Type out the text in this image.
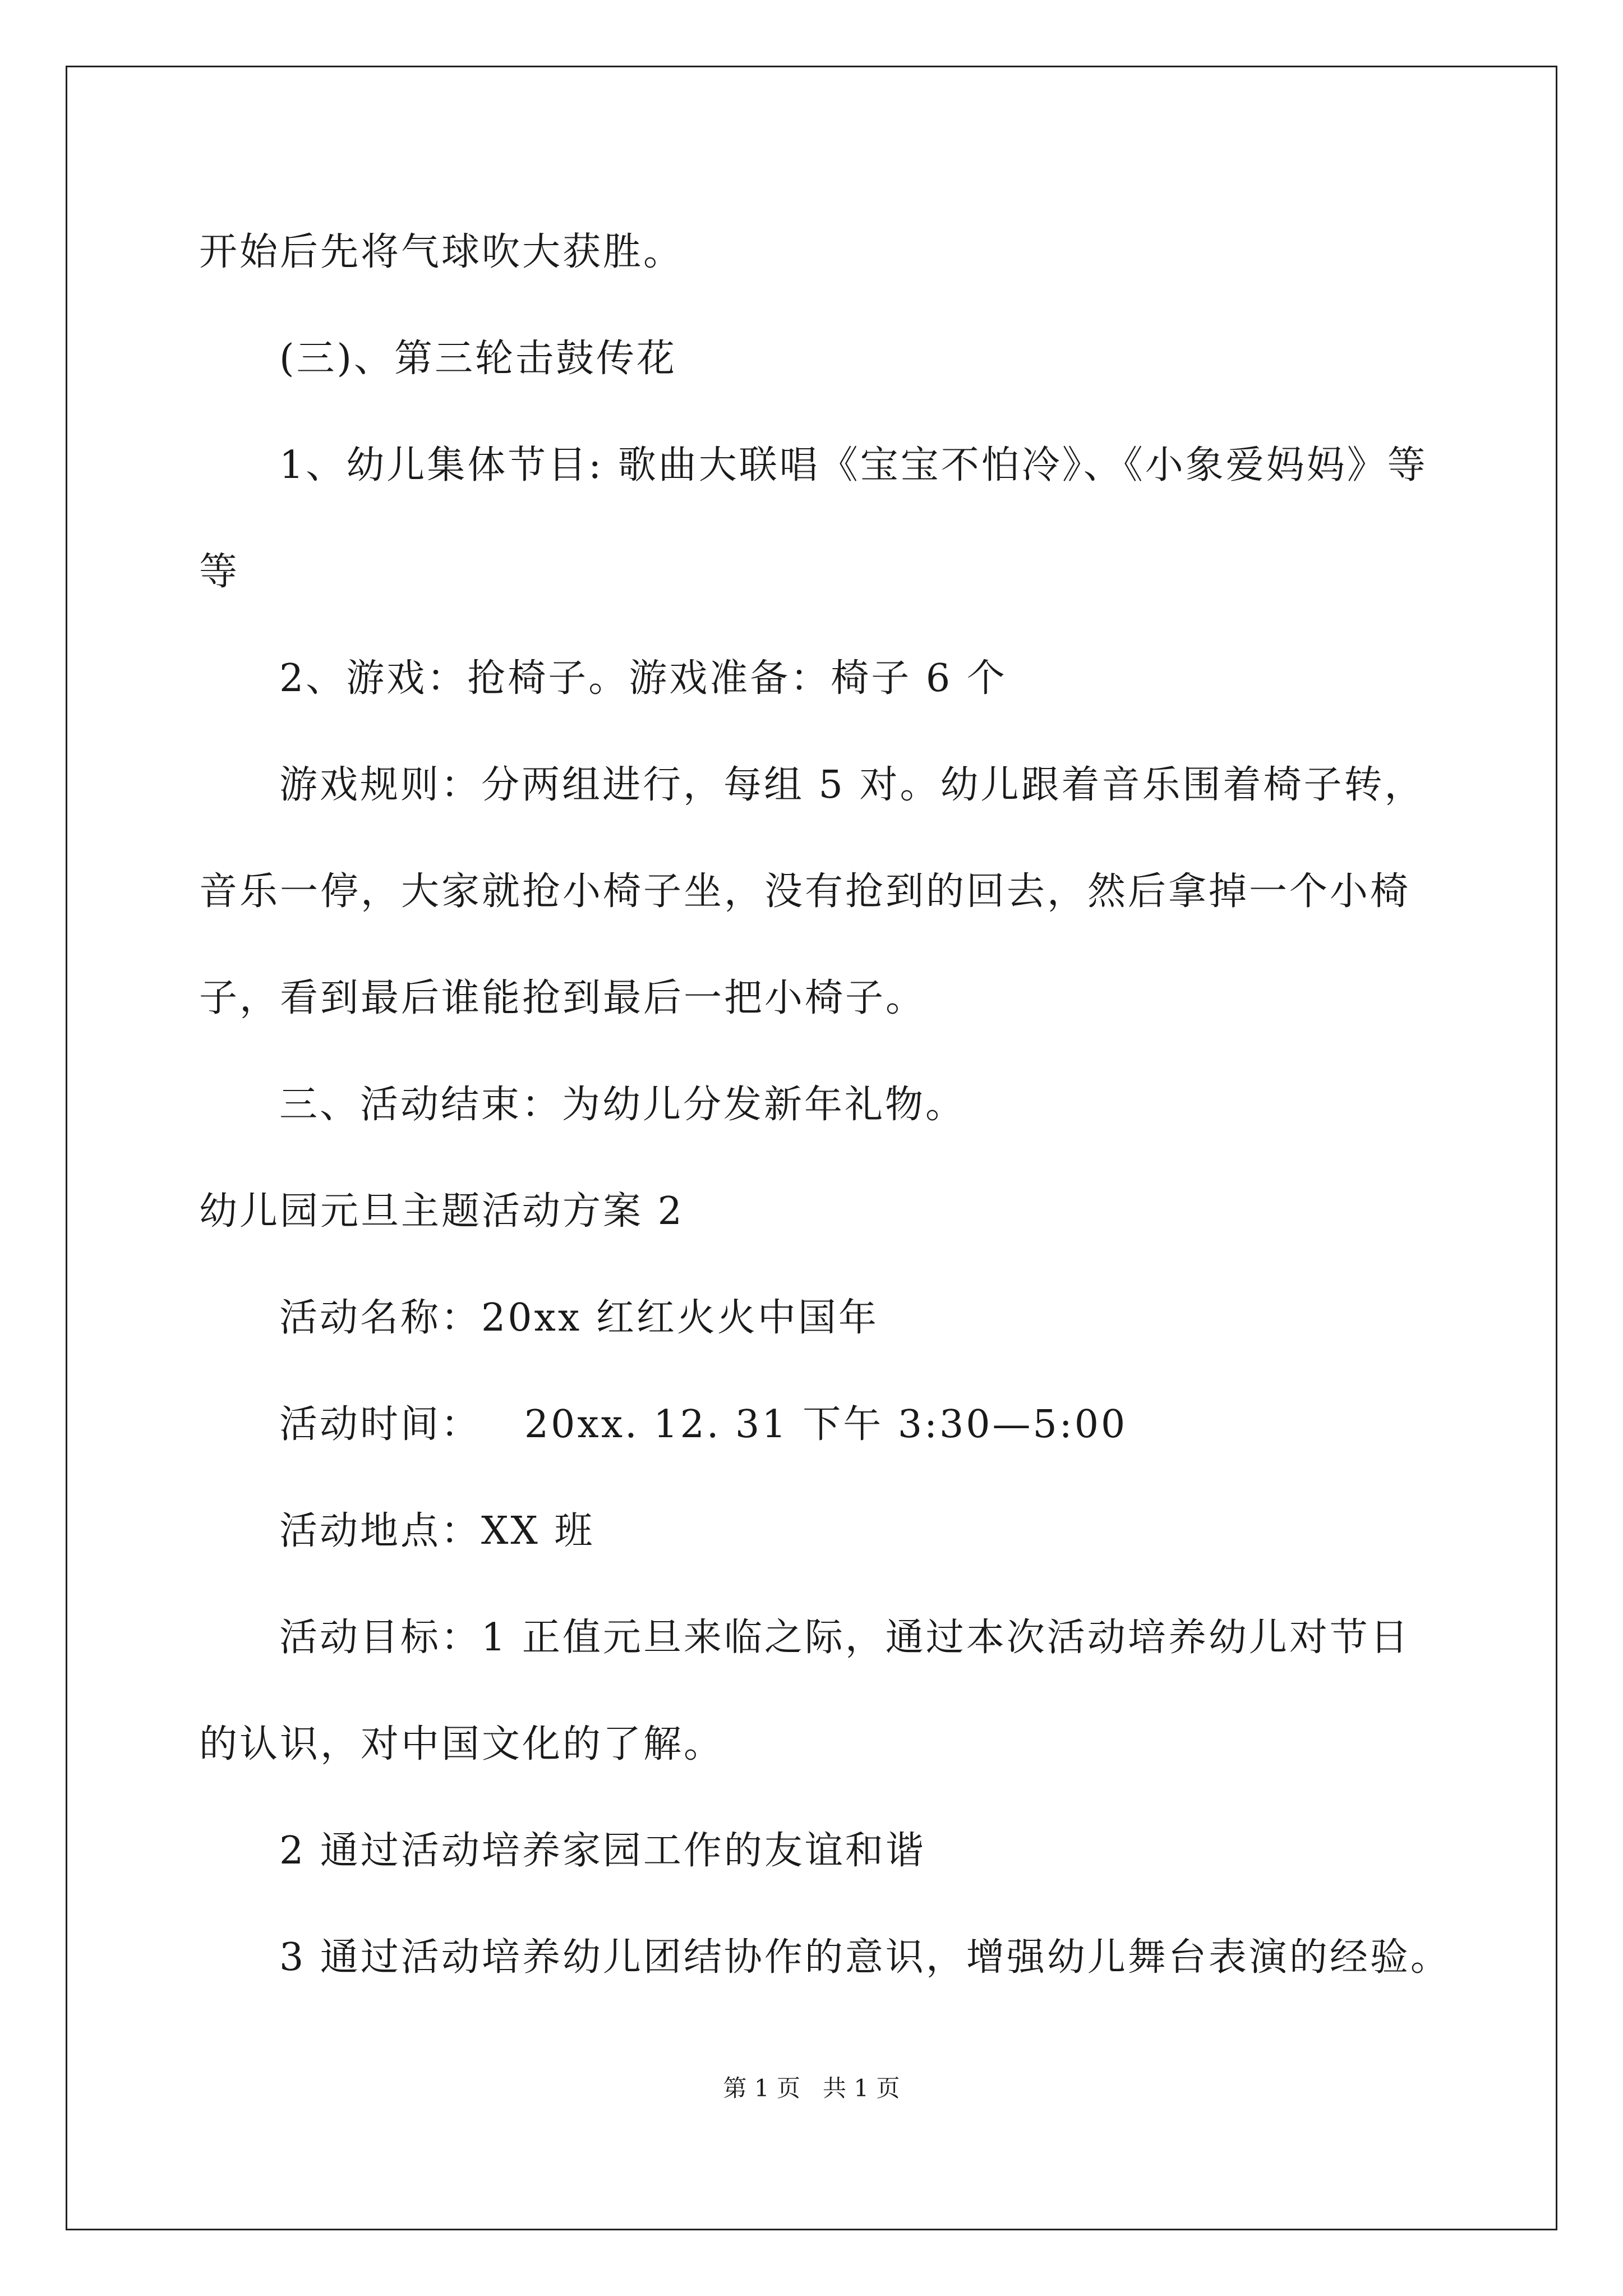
开始后先将气球吹大获胜。
(三)、第三轮击鼓传花
1、幼儿集体节目: 歌曲大联唱《宝宝不怕冷》、《小象爱妈妈》等
等
2、游戏：抢椅子。游戏准备：椅子 6 个
游戏规则：分两组进行，每组 5 对。幼儿跟着音乐围着椅子转，
音乐一停，大家就抢小椅子坐，没有抢到的回去，然后拿掉一个小椅
子，看到最后谁能抢到最后一把小椅子。
三、活动结束：为幼儿分发新年礼物。
幼儿园元旦主题活动方案 2
活动名称：20xx 红红火火中国年
活动时间：   20xx. 12. 31 下午 3:30—5:00
活动地点：XX 班
活动目标：1 正值元旦来临之际，通过本次活动培养幼儿对节日
的认识，对中国文化的了解。
2 通过活动培养家园工作的友谊和谐
3 通过活动培养幼儿团结协作的意识，增强幼儿舞台表演的经验。
第 1 页   共 1 页
